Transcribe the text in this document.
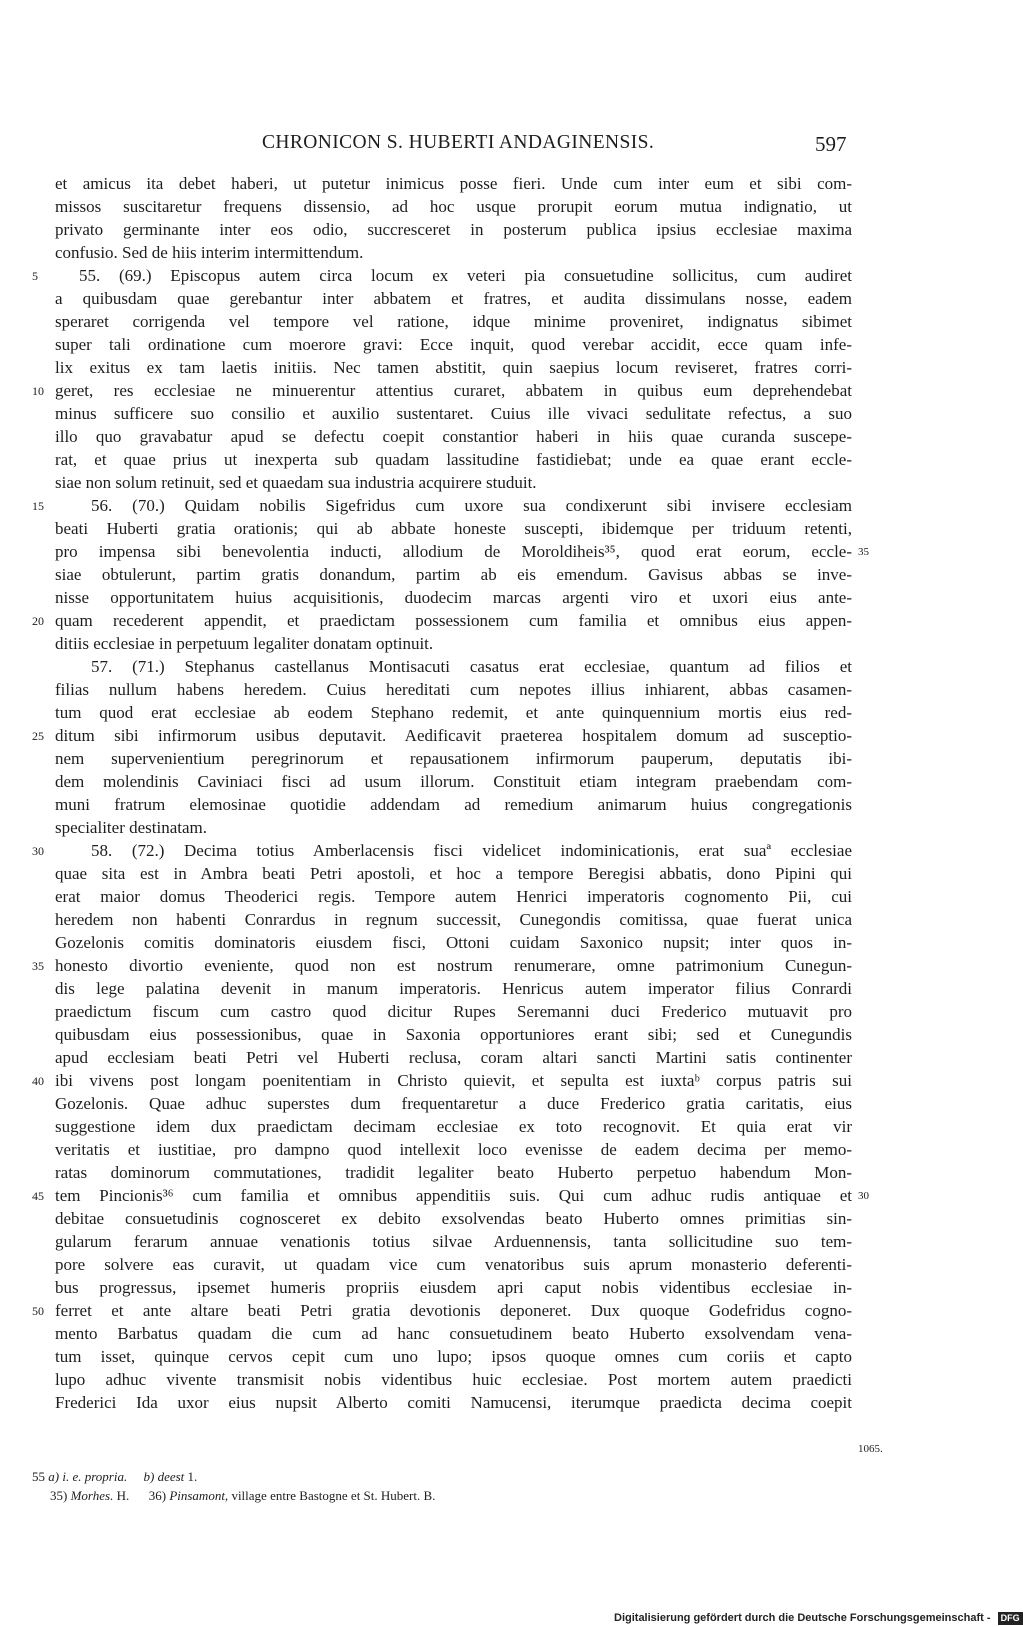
CHRONICON S. HUBERTI ANDAGINENSIS.	597
et amicus ita debet haberi, ut putetur inimicus posse fieri. Unde cum inter eum et sibi com-
missos suscitaretur frequens dissensio, ad hoc usque prorupit eorum mutua indignatio, ut
privato germinante inter eos odio, succresceret in posterum publica ipsius ecclesiae maxima
confusio. Sed de hiis interim intermittendum.
55. (69.) Episcopus autem circa locum ex veteri pia consuetudine sollicitus, cum audiret
a quibusdam quae gerebantur inter abbatem et fratres, et audita dissimulans nosse, eadem
speraret corrigenda vel tempore vel ratione, idque minime proveniret, indignatus sibimet
super tali ordinatione cum moerore gravi: Ecce inquit, quod verebar accidit, ecce quam infe-
lix exitus ex tam laetis initiis. Nec tamen abstitit, quin saepius locum reviseret, fratres corri-
geret, res ecclesiae ne minuerentur attentius curaret, abbatem in quibus eum deprehendebat
minus sufficere suo consilio et auxilio sustentaret. Cuius ille vivaci sedulitate refectus, a suo
illo quo gravabatur apud se defectu coepit constantior haberi in hiis quae curanda suscepe-
rat, et quae prius ut inexperta sub quadam lassitudine fastidiebat; unde ea quae erant eccle-
siae non solum retinuit, sed et quaedam sua industria acquirere studuit.
56. (70.) Quidam nobilis Sigefridus cum uxore sua condixerunt sibi invisere ecclesiam
beati Huberti gratia orationis; qui ab abbate honeste suscepti, ibidemque per triduum retenti,
pro impensa sibi benevolentia inducti, allodium de Moroldiheis³⁵, quod erat eorum, eccle-
siae obtulerunt, partim gratis donandum, partim ab eis emendum. Gavisus abbas se inve-
nisse opportunitatem huius acquisitionis, duodecim marcas argenti viro et uxori eius ante-
quam recederent appendit, et praedictam possessionem cum familia et omnibus eius appen-
ditiis ecclesiae in perpetuum legaliter donatam optinuit.
57. (71.) Stephanus castellanus Montisacuti casatus erat ecclesiae, quantum ad filios et
filias nullum habens heredem. Cuius hereditati cum nepotes illius inhiarent, abbas casamen-
tum quod erat ecclesiae ab eodem Stephano redemit, et ante quinquennium mortis eius red-
ditum sibi infirmorum usibus deputavit. Aedificavit praeterea hospitalem domum ad susceptio-
nem supervenientium peregrinorum et repausationem infirmorum pauperum, deputatis ibi-
dem molendinis Caviniaci fisci ad usum illorum. Constituit etiam integram praebendam com-
muni fratrum elemosinae quotidie addendam ad remedium animarum huius congregationis
specialiter destinatam.
58. (72.) Decima totius Amberlacensis fisci videlicet indominicationis, erat suaª ecclesiae
quae sita est in Ambra beati Petri apostoli, et hoc a tempore Beregisi abbatis, dono Pipini qui
erat maior domus Theoderici regis. Tempore autem Henrici imperatoris cognomento Pii, cui
heredem non habenti Conrardus in regnum successit, Cunegondis comitissa, quae fuerat unica
Gozelonis comitis dominatoris eiusdem fisci, Ottoni cuidam Saxonico nupsit; inter quos in-
honesto divortio eveniente, quod non est nostrum renumerare, omne patrimonium Cunegun-
dis lege palatina devenit in manum imperatoris. Henricus autem imperator filius Conrardi
praedictum fiscum cum castro quod dicitur Rupes Seremanni duci Frederico mutuavit pro
quibusdam eius possessionibus, quae in Saxonia opportuniores erant sibi; sed et Cunegundis
apud ecclesiam beati Petri vel Huberti reclusa, coram altari sancti Martini satis continenter
ibi vivens post longam poenitentiam in Christo quievit, et sepulta est iuxtaᵇ corpus patris sui
Gozelonis. Quae adhuc superstes dum frequentaretur a duce Frederico gratia caritatis, eius
suggestione idem dux praedictam decimam ecclesiae ex toto recognovit. Et quia erat vir
veritatis et iustitiae, pro dampno quod intellexit loco evenisse de eadem decima per memo-
ratas dominorum commutationes, tradidit legaliter beato Huberto perpetuo habendum Mon-
tem Pincionis³⁶ cum familia et omnibus appenditiis suis. Qui cum adhuc rudis antiquae et
debitae consuetudinis cognosceret ex debito exsolvendas beato Huberto omnes primitias sin-
gularum ferarum annuae venationis totius silvae Arduennensis, tanta sollicitudine suo tem-
pore solvere eas curavit, ut quadam vice cum venatoribus suis aprum monasterio deferenti-
bus progressus, ipsemet humeris propriis eiusdem apri caput nobis videntibus ecclesiae in-
ferret et ante altare beati Petri gratia devotionis deponeret. Dux quoque Godefridus cogno-
mento Barbatus quadam die cum ad hanc consuetudinem beato Huberto exsolvendam vena-
tum isset, quinque cervos cepit cum uno lupo; ipsos quoque omnes cum coriis et capto
lupo adhuc vivente transmisit nobis videntibus huic ecclesiae. Post mortem autem praedicti
Frederici Ida uxor eius nupsit Alberto comiti Namucensi, iterumque praedicta decima coepit
5
10
15
20
25
30
35
40
45
50
35
30
1065.
55 a) i. e. propria. b) deest 1.
35) Morhes. H. 36) Pinsamont, village entre Bastogne et St. Hubert. B.
Digitalisierung gefördert durch die Deutsche Forschungsgemeinschaft - DFG
